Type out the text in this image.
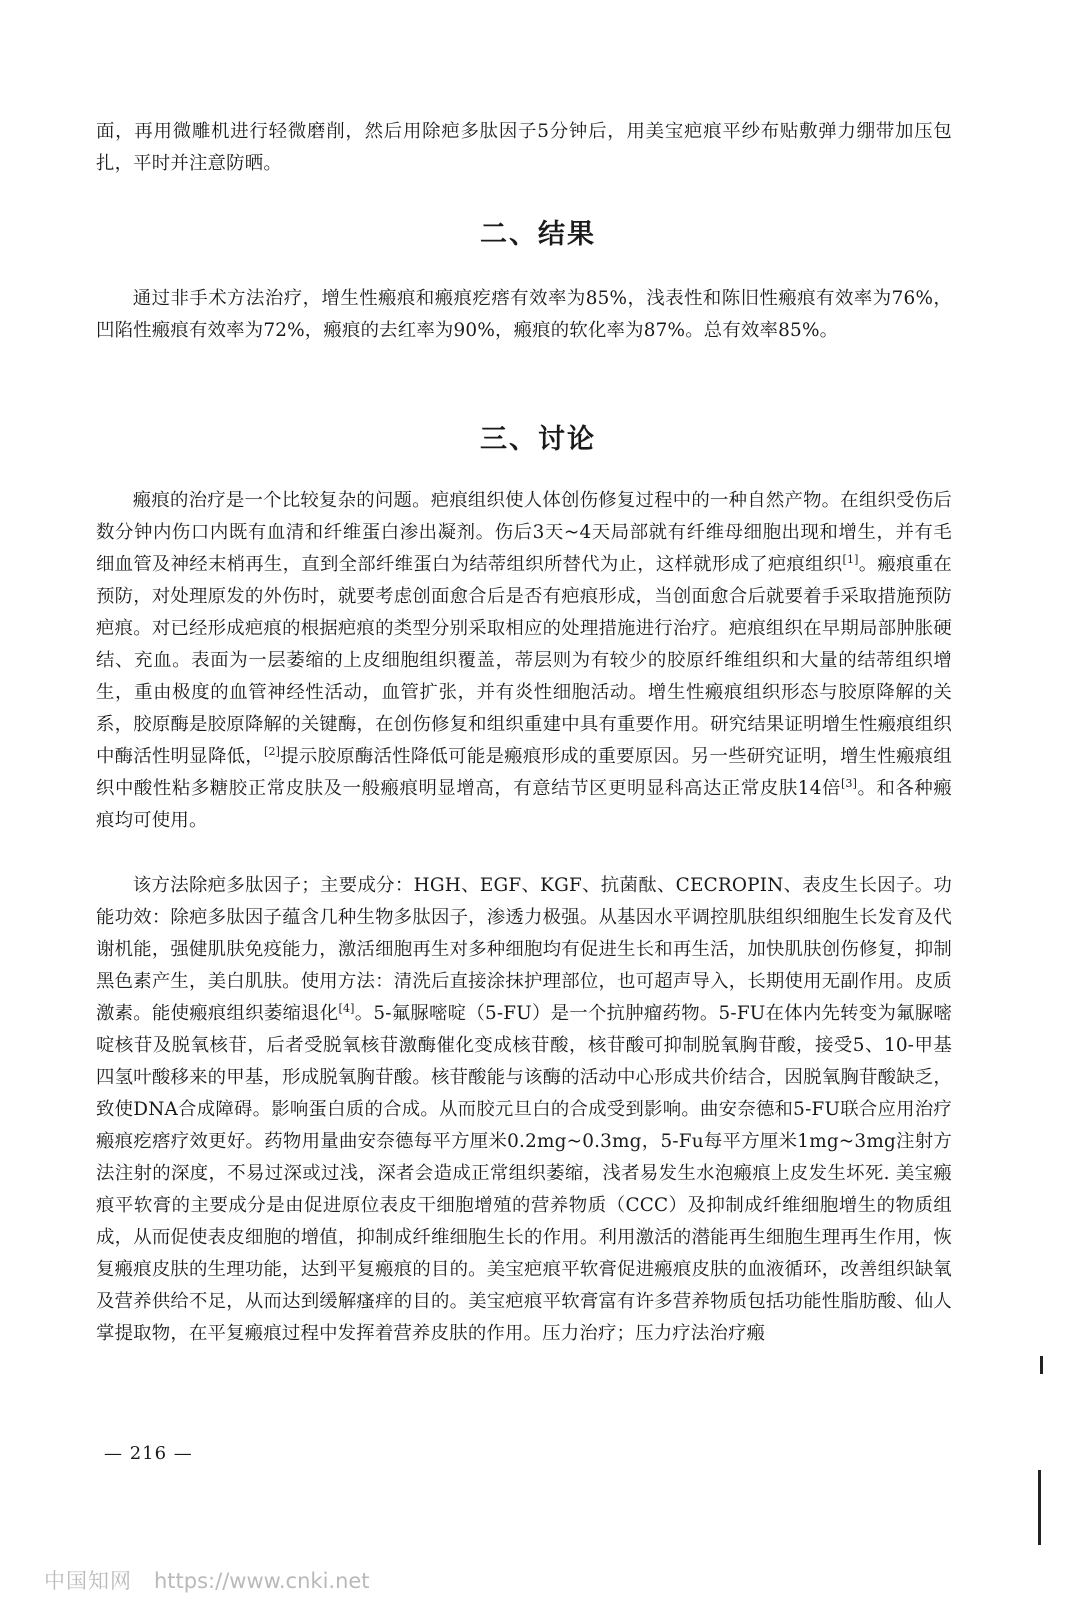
面，再用微雕机进行轻微磨削，然后用除疤多肽因子5分钟后，用美宝疤痕平纱布贴敷弹力绷带加压包扎，平时并注意防晒。

二、结果

通过非手术方法治疗，增生性瘢痕和瘢痕疙瘩有效率为85%，浅表性和陈旧性瘢痕有效率为76%，凹陷性瘢痕有效率为72%，瘢痕的去红率为90%，瘢痕的软化率为87%。总有效率85%。

三、讨论

瘢痕的治疗是一个比较复杂的问题。疤痕组织使人体创伤修复过程中的一种自然产物。在组织受伤后数分钟内伤口内既有血清和纤维蛋白渗出凝剂。伤后3天~4天局部就有纤维母细胞出现和增生，并有毛细血管及神经末梢再生，直到全部纤维蛋白为结蒂组织所替代为止，这样就形成了疤痕组织[1]。瘢痕重在预防，对处理原发的外伤时，就要考虑创面愈合后是否有疤痕形成，当创面愈合后就要着手采取措施预防疤痕。对已经形成疤痕的根据疤痕的类型分别采取相应的处理措施进行治疗。疤痕组织在早期局部肿胀硬结、充血。表面为一层萎缩的上皮细胞组织覆盖，蒂层则为有较少的胶原纤维组织和大量的结蒂组织增生，重由极度的血管神经性活动，血管扩张，并有炎性细胞活动。增生性瘢痕组织形态与胶原降解的关系，胶原酶是胶原降解的关键酶，在创伤修复和组织重建中具有重要作用。研究结果证明增生性瘢痕组织中酶活性明显降低，[2]提示胶原酶活性降低可能是瘢痕形成的重要原因。另一些研究证明，增生性瘢痕组织中酸性粘多糖胶正常皮肤及一般瘢痕明显增高，有意结节区更明显科高达正常皮肤14倍[3]。和各种瘢痕均可使用。

该方法除疤多肽因子；主要成分：HGH、EGF、KGF、抗菌酞、CECROPIN、表皮生长因子。功能功效：除疤多肽因子蕴含几种生物多肽因子，渗透力极强。从基因水平调控肌肤组织细胞生长发育及代谢机能，强健肌肤免疫能力，激活细胞再生对多种细胞均有促进生长和再生活，加快肌肤创伤修复，抑制黑色素产生，美白肌肤。使用方法：清洗后直接涂抹护理部位，也可超声导入，长期使用无副作用。皮质激素。能使瘢痕组织萎缩退化[4]。5-氟脲嘧啶（5-FU）是一个抗肿瘤药物。5-FU在体内先转变为氟脲嘧啶核苷及脱氧核苷，后者受脱氧核苷激酶催化变成核苷酸，核苷酸可抑制脱氧胸苷酸，接受5、10-甲基四氢叶酸移来的甲基，形成脱氧胸苷酸。核苷酸能与该酶的活动中心形成共价结合，因脱氧胸苷酸缺乏，致使DNA合成障碍。影响蛋白质的合成。从而胶元旦白的合成受到影响。曲安奈德和5-FU联合应用治疗瘢痕疙瘩疗效更好。药物用量曲安奈德每平方厘米0.2mg~0.3mg，5-Fu每平方厘米1mg~3mg注射方法注射的深度，不易过深或过浅，深者会造成正常组织萎缩，浅者易发生水泡瘢痕上皮发生坏死. 美宝瘢痕平软膏的主要成分是由促进原位表皮干细胞增殖的营养物质（CCC）及抑制成纤维细胞增生的物质组成，从而促使表皮细胞的增值，抑制成纤维细胞生长的作用。利用激活的潜能再生细胞生理再生作用，恢复瘢痕皮肤的生理功能，达到平复瘢痕的目的。美宝疤痕平软膏促进瘢痕皮肤的血液循环，改善组织缺氧及营养供给不足，从而达到缓解瘙痒的目的。美宝疤痕平软膏富有许多营养物质包括功能性脂肪酸、仙人掌提取物，在平复瘢痕过程中发挥着营养皮肤的作用。压力治疗；压力疗法治疗瘢

— 216 —
中国知网 https://www.cnki.net
